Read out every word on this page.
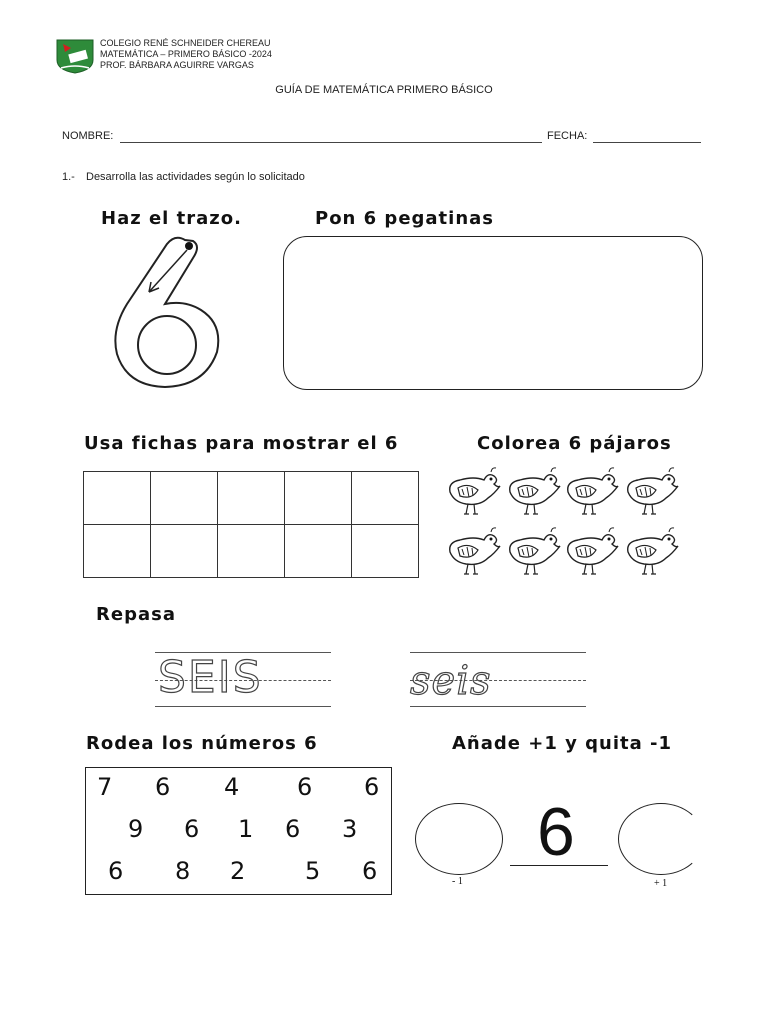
COLEGIO RENÉ SCHNEIDER CHEREAU
MATEMÁTICA – PRIMERO BÁSICO -2024
PROF. BÁRBARA AGUIRRE VARGAS
GUÍA DE MATEMÁTICA PRIMERO BÁSICO
NOMBRE:	FECHA:
1.- Desarrolla las actividades según lo solicitado
Haz el trazo.	Pon 6 pegatinas
Usa fichas para mostrar el 6

					Colorea 6 pájaros
Repasa
SEIS	seis
Rodea los números 6
7 6 4 6 6
9 6 1 6 3
6 8 2 5 6
Añade +1 y quita -1
- 1
6
+ 1
